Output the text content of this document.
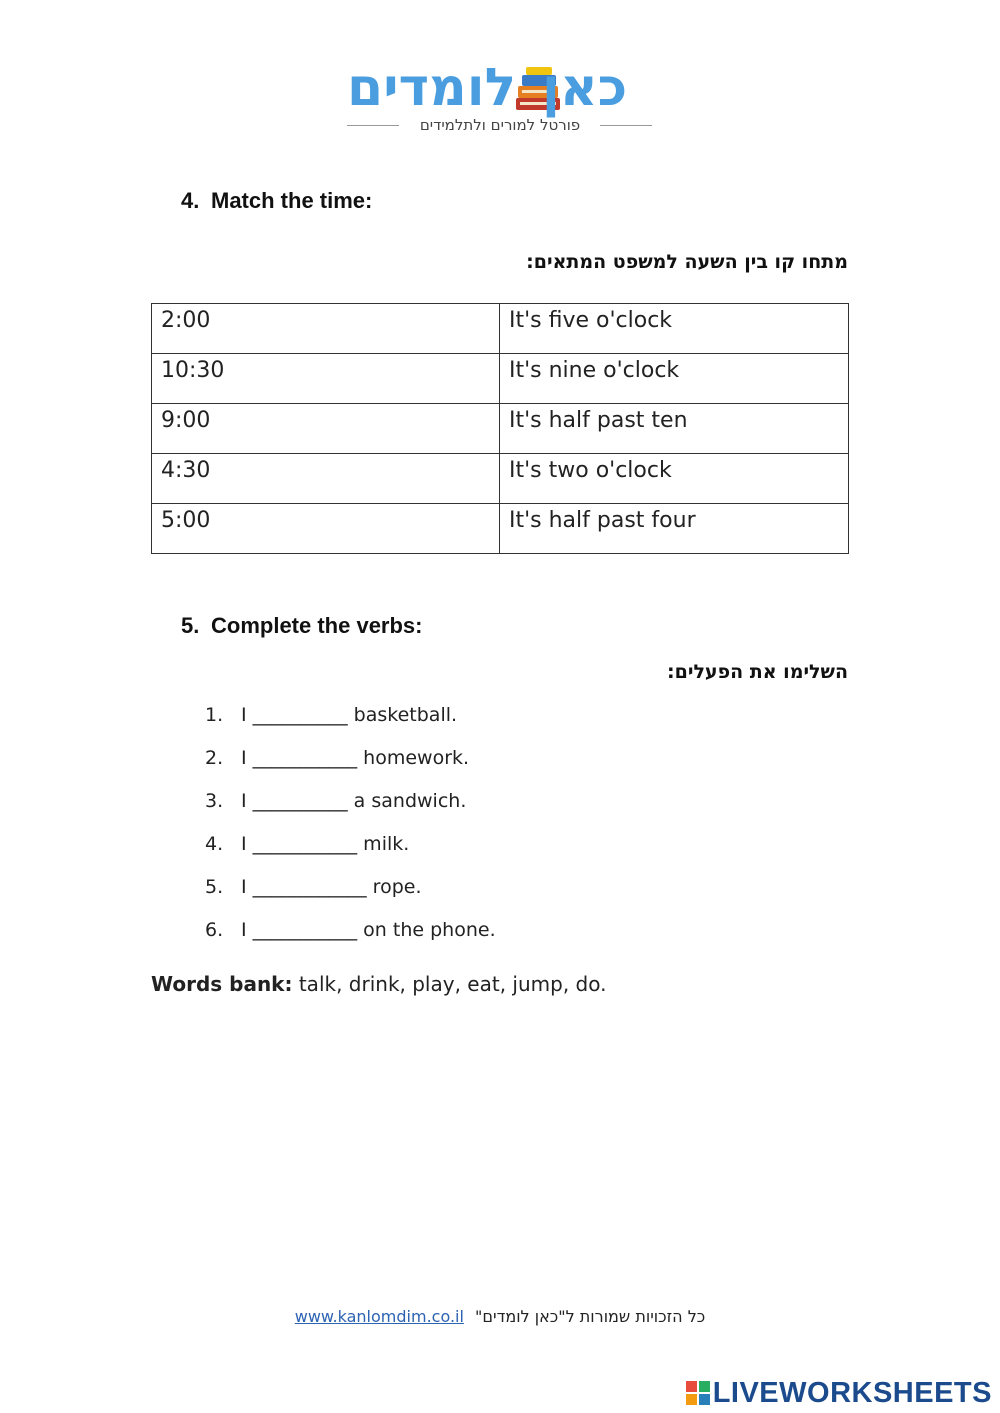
לומדים כאן
פורטל למורים ולתלמידים
4. Match the time:
מתחו קו בין השעה למשפט המתאים:
2:00	It's five o'clock
10:30	It's nine o'clock
9:00	It's half past ten
4:30	It's two o'clock
5:00	It's half past four
5. Complete the verbs:
השלימו את הפעלים:
1. I __________ basketball.
2. I ___________ homework.
3. I __________ a sandwich.
4. I ___________ milk.
5. I ____________ rope.
6. I ___________ on the phone.
Words bank: talk, drink, play, eat, jump, do.
www.kanlomdim.co.il כל הזכויות שמורות ל"כאן לומדים"
LIVEWORKSHEETS
